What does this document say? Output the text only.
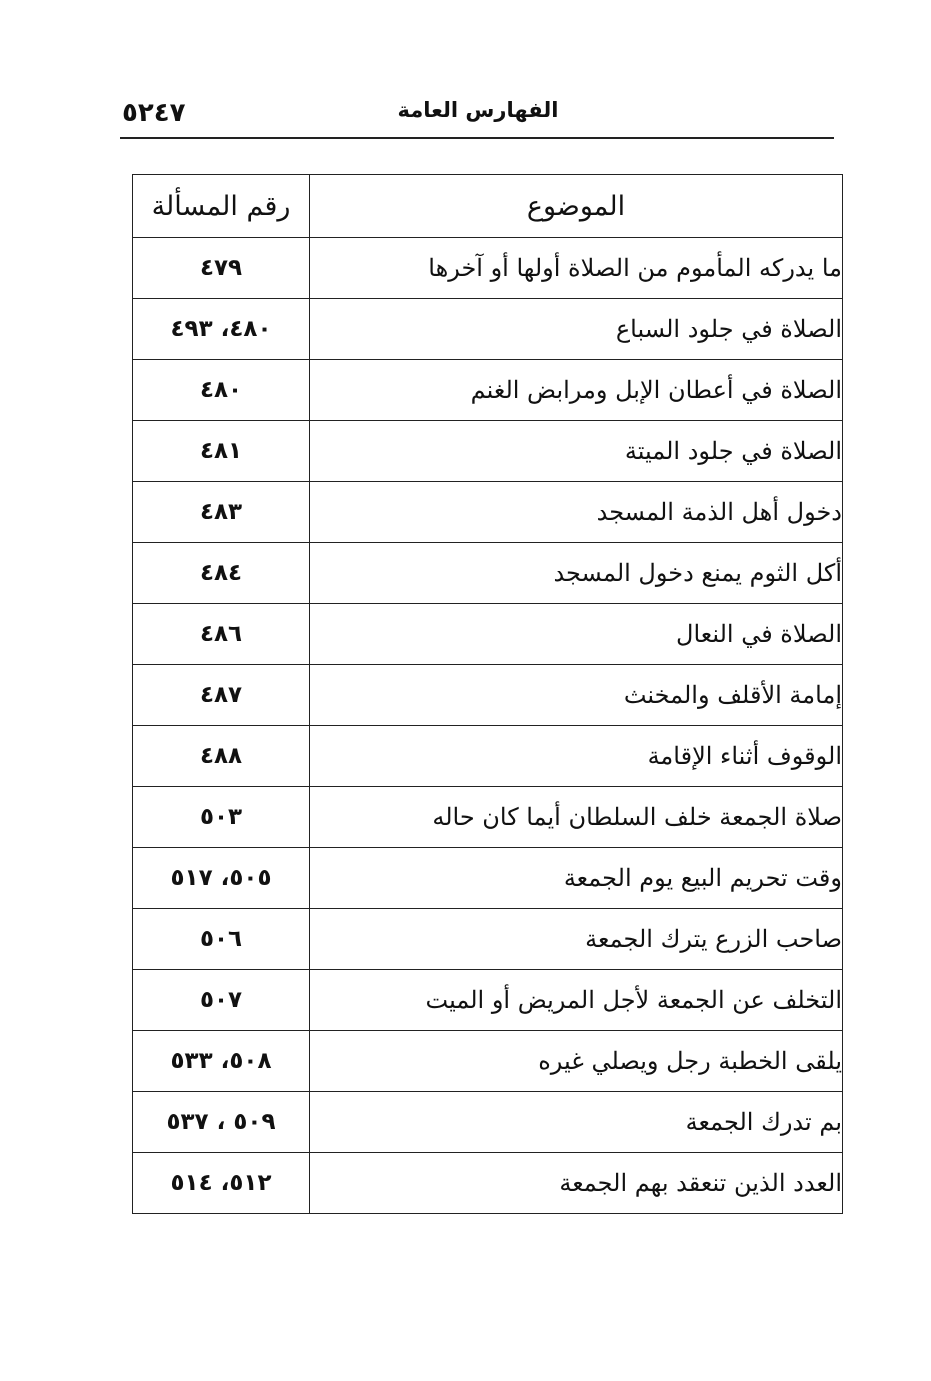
٥٢٤٧	الفهارس العامة
الموضوع	رقم المسألة
ما يدركه المأموم من الصلاة أولها أو آخرها	٤٧٩
الصلاة في جلود السباع	٤٨٠، ٤٩٣
الصلاة في أعطان الإبل ومرابض الغنم	٤٨٠
الصلاة في جلود الميتة	٤٨١
دخول أهل الذمة المسجد	٤٨٣
أكل الثوم يمنع دخول المسجد	٤٨٤
الصلاة في النعال	٤٨٦
إمامة الأقلف والمخنث	٤٨٧
الوقوف أثناء الإقامة	٤٨٨
صلاة الجمعة خلف السلطان أيما كان حاله	٥٠٣
وقت تحريم البيع يوم الجمعة	٥٠٥، ٥١٧
صاحب الزرع يترك الجمعة	٥٠٦
التخلف عن الجمعة لأجل المريض أو الميت	٥٠٧
يلقى الخطبة رجل ويصلي غيره	٥٠٨، ٥٣٣
بم تدرك الجمعة	٥٠٩ ، ٥٣٧
العدد الذين تنعقد بهم الجمعة	٥١٢، ٥١٤
